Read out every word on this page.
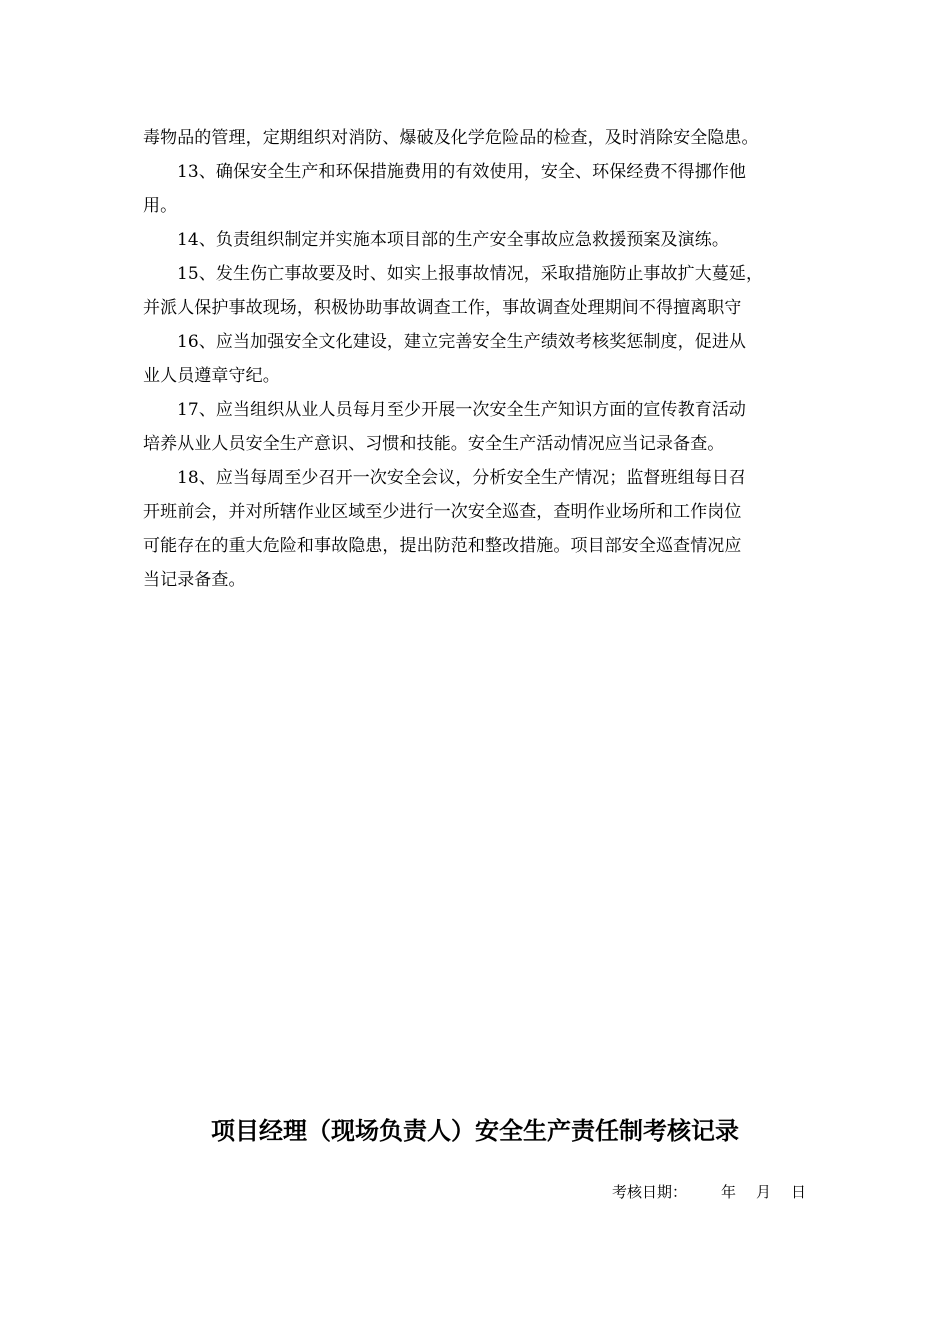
毒物品的管理，定期组织对消防、爆破及化学危险品的检查，及时消除安全隐患。
13、确保安全生产和环保措施费用的有效使用，安全、环保经费不得挪作他
用。
14、负责组织制定并实施本项目部的生产安全事故应急救援预案及演练。
15、发生伤亡事故要及时、如实上报事故情况，采取措施防止事故扩大蔓延，
并派人保护事故现场，积极协助事故调查工作，事故调查处理期间不得擅离职守
16、应当加强安全文化建设，建立完善安全生产绩效考核奖惩制度，促进从
业人员遵章守纪。
17、应当组织从业人员每月至少开展一次安全生产知识方面的宣传教育活动
培养从业人员安全生产意识、习惯和技能。安全生产活动情况应当记录备查。
18、应当每周至少召开一次安全会议，分析安全生产情况；监督班组每日召
开班前会，并对所辖作业区域至少进行一次安全巡查，查明作业场所和工作岗位
可能存在的重大危险和事故隐患，提出防范和整改措施。项目部安全巡查情况应
当记录备查。
项目经理（现场负责人）安全生产责任制考核记录
考核日期： 年 月 日
